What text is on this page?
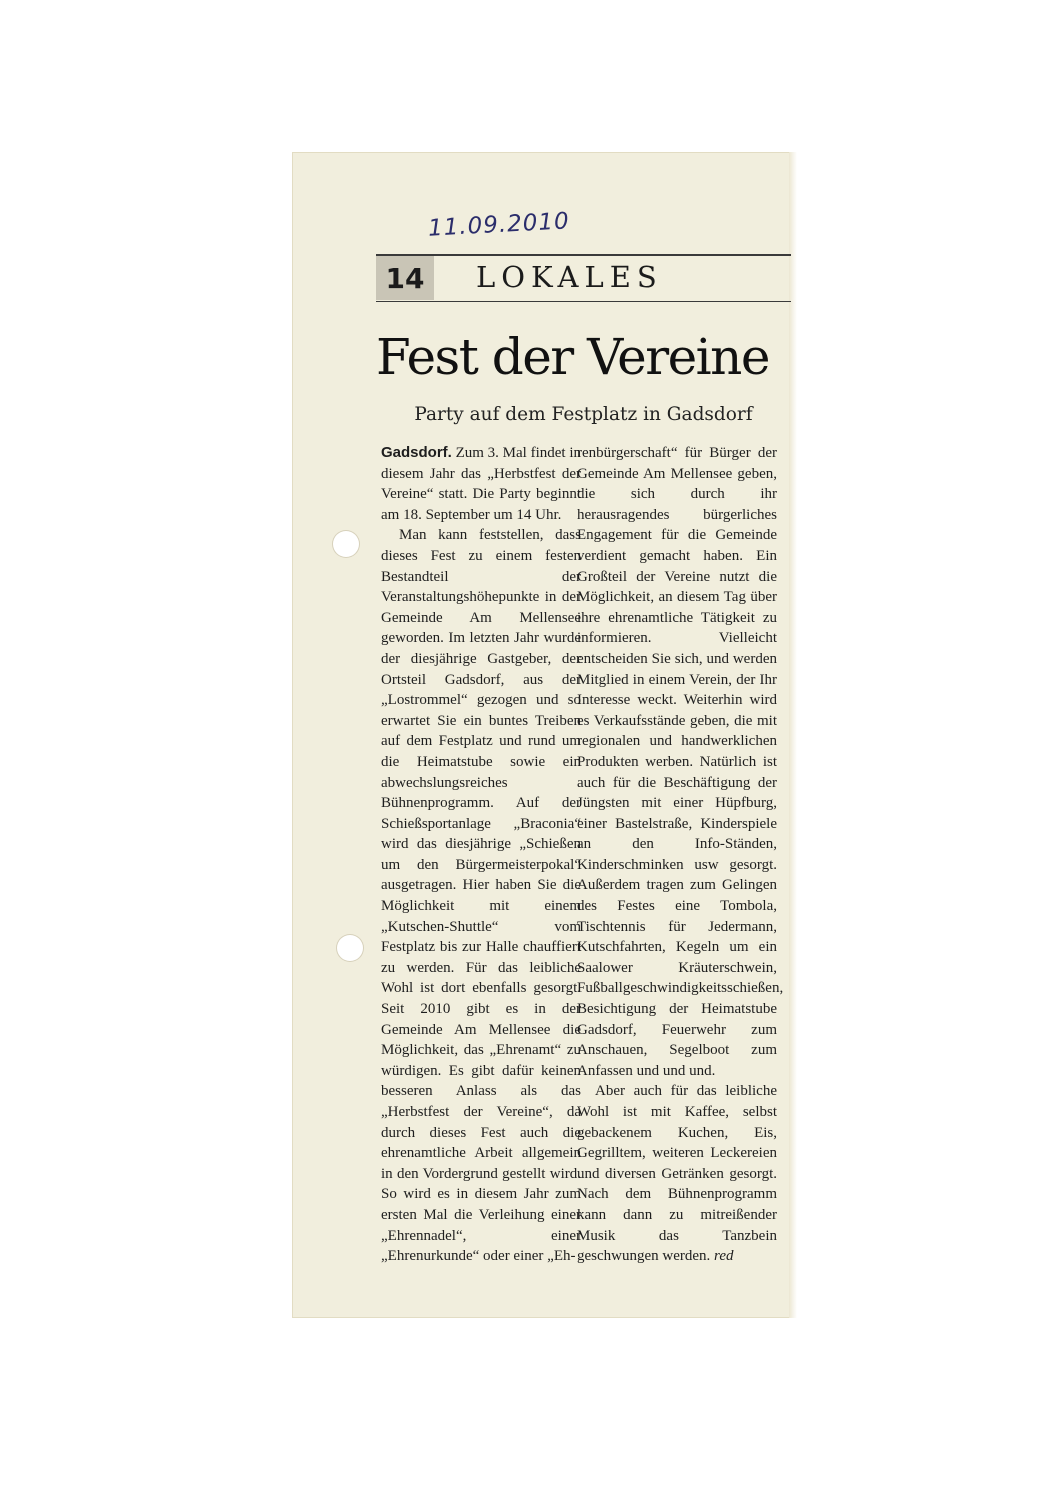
11.09.2010
14	LOKALES
Fest der Vereine
Party auf dem Festplatz in Gadsdorf

Gadsdorf. Zum 3. Mal findet in diesem Jahr das „Herbstfest der Vereine“ statt. Die Party beginnt am 18. September um 14 Uhr.

Man kann feststellen, dass dieses Fest zu einem festen Bestandteil der Veranstaltungshöhepunkte in der Gemeinde Am Mellensee geworden. Im letzten Jahr wurde der diesjährige Gastgeber, der Ortsteil Gadsdorf, aus der „Lostrommel“ gezogen und so erwartet Sie ein buntes Treiben auf dem Festplatz und rund um die Heimatstube sowie ein abwechslungsreiches Bühnenprogramm. Auf der Schießsportanlage „Braconia“ wird das diesjährige „Schießen um den Bürgermeisterpokal“ ausgetragen. Hier haben Sie die Möglichkeit mit einem „Kutschen-Shuttle“ vom Festplatz bis zur Halle chauffiert zu werden. Für das leibliche Wohl ist dort ebenfalls gesorgt. Seit 2010 gibt es in der Gemeinde Am Mellensee die Möglichkeit, das „Ehrenamt“ zu würdigen. Es gibt dafür keinen besseren Anlass als das „Herbstfest der Vereine“, da durch dieses Fest auch die ehrenamtliche Arbeit allgemein in den Vordergrund gestellt wird. So wird es in diesem Jahr zum ersten Mal die Verleihung einer „Ehrennadel“, einer „Ehrenurkunde“ oder einer „Eh-

renbürgerschaft“ für Bürger der Gemeinde Am Mellensee geben, die sich durch ihr herausragendes bürgerliches Engagement für die Gemeinde verdient gemacht haben. Ein Großteil der Vereine nutzt die Möglichkeit, an diesem Tag über ihre ehrenamtliche Tätigkeit zu informieren. Vielleicht entscheiden Sie sich, und werden Mitglied in einem Verein, der Ihr Interesse weckt. Weiterhin wird es Verkaufsstände geben, die mit regionalen und handwerklichen Produkten werben. Natürlich ist auch für die Beschäftigung der Jüngsten mit einer Hüpfburg, einer Bastelstraße, Kinderspiele an den Info-Ständen, Kinderschminken usw gesorgt. Außerdem tragen zum Gelingen des Festes eine Tombola, Tischtennis für Jedermann, Kutschfahrten, Kegeln um ein Saalower Kräuterschwein, Fußballgeschwindigkeitsschießen, Besichtigung der Heimatstube Gadsdorf, Feuerwehr zum Anschauen, Segelboot zum Anfassen und und und.

Aber auch für das leibliche Wohl ist mit Kaffee, selbst gebackenem Kuchen, Eis, Gegrilltem, weiteren Leckereien und diversen Getränken gesorgt. Nach dem Bühnenprogramm kann dann zu mitreißender Musik das Tanzbein geschwungen werden. red
